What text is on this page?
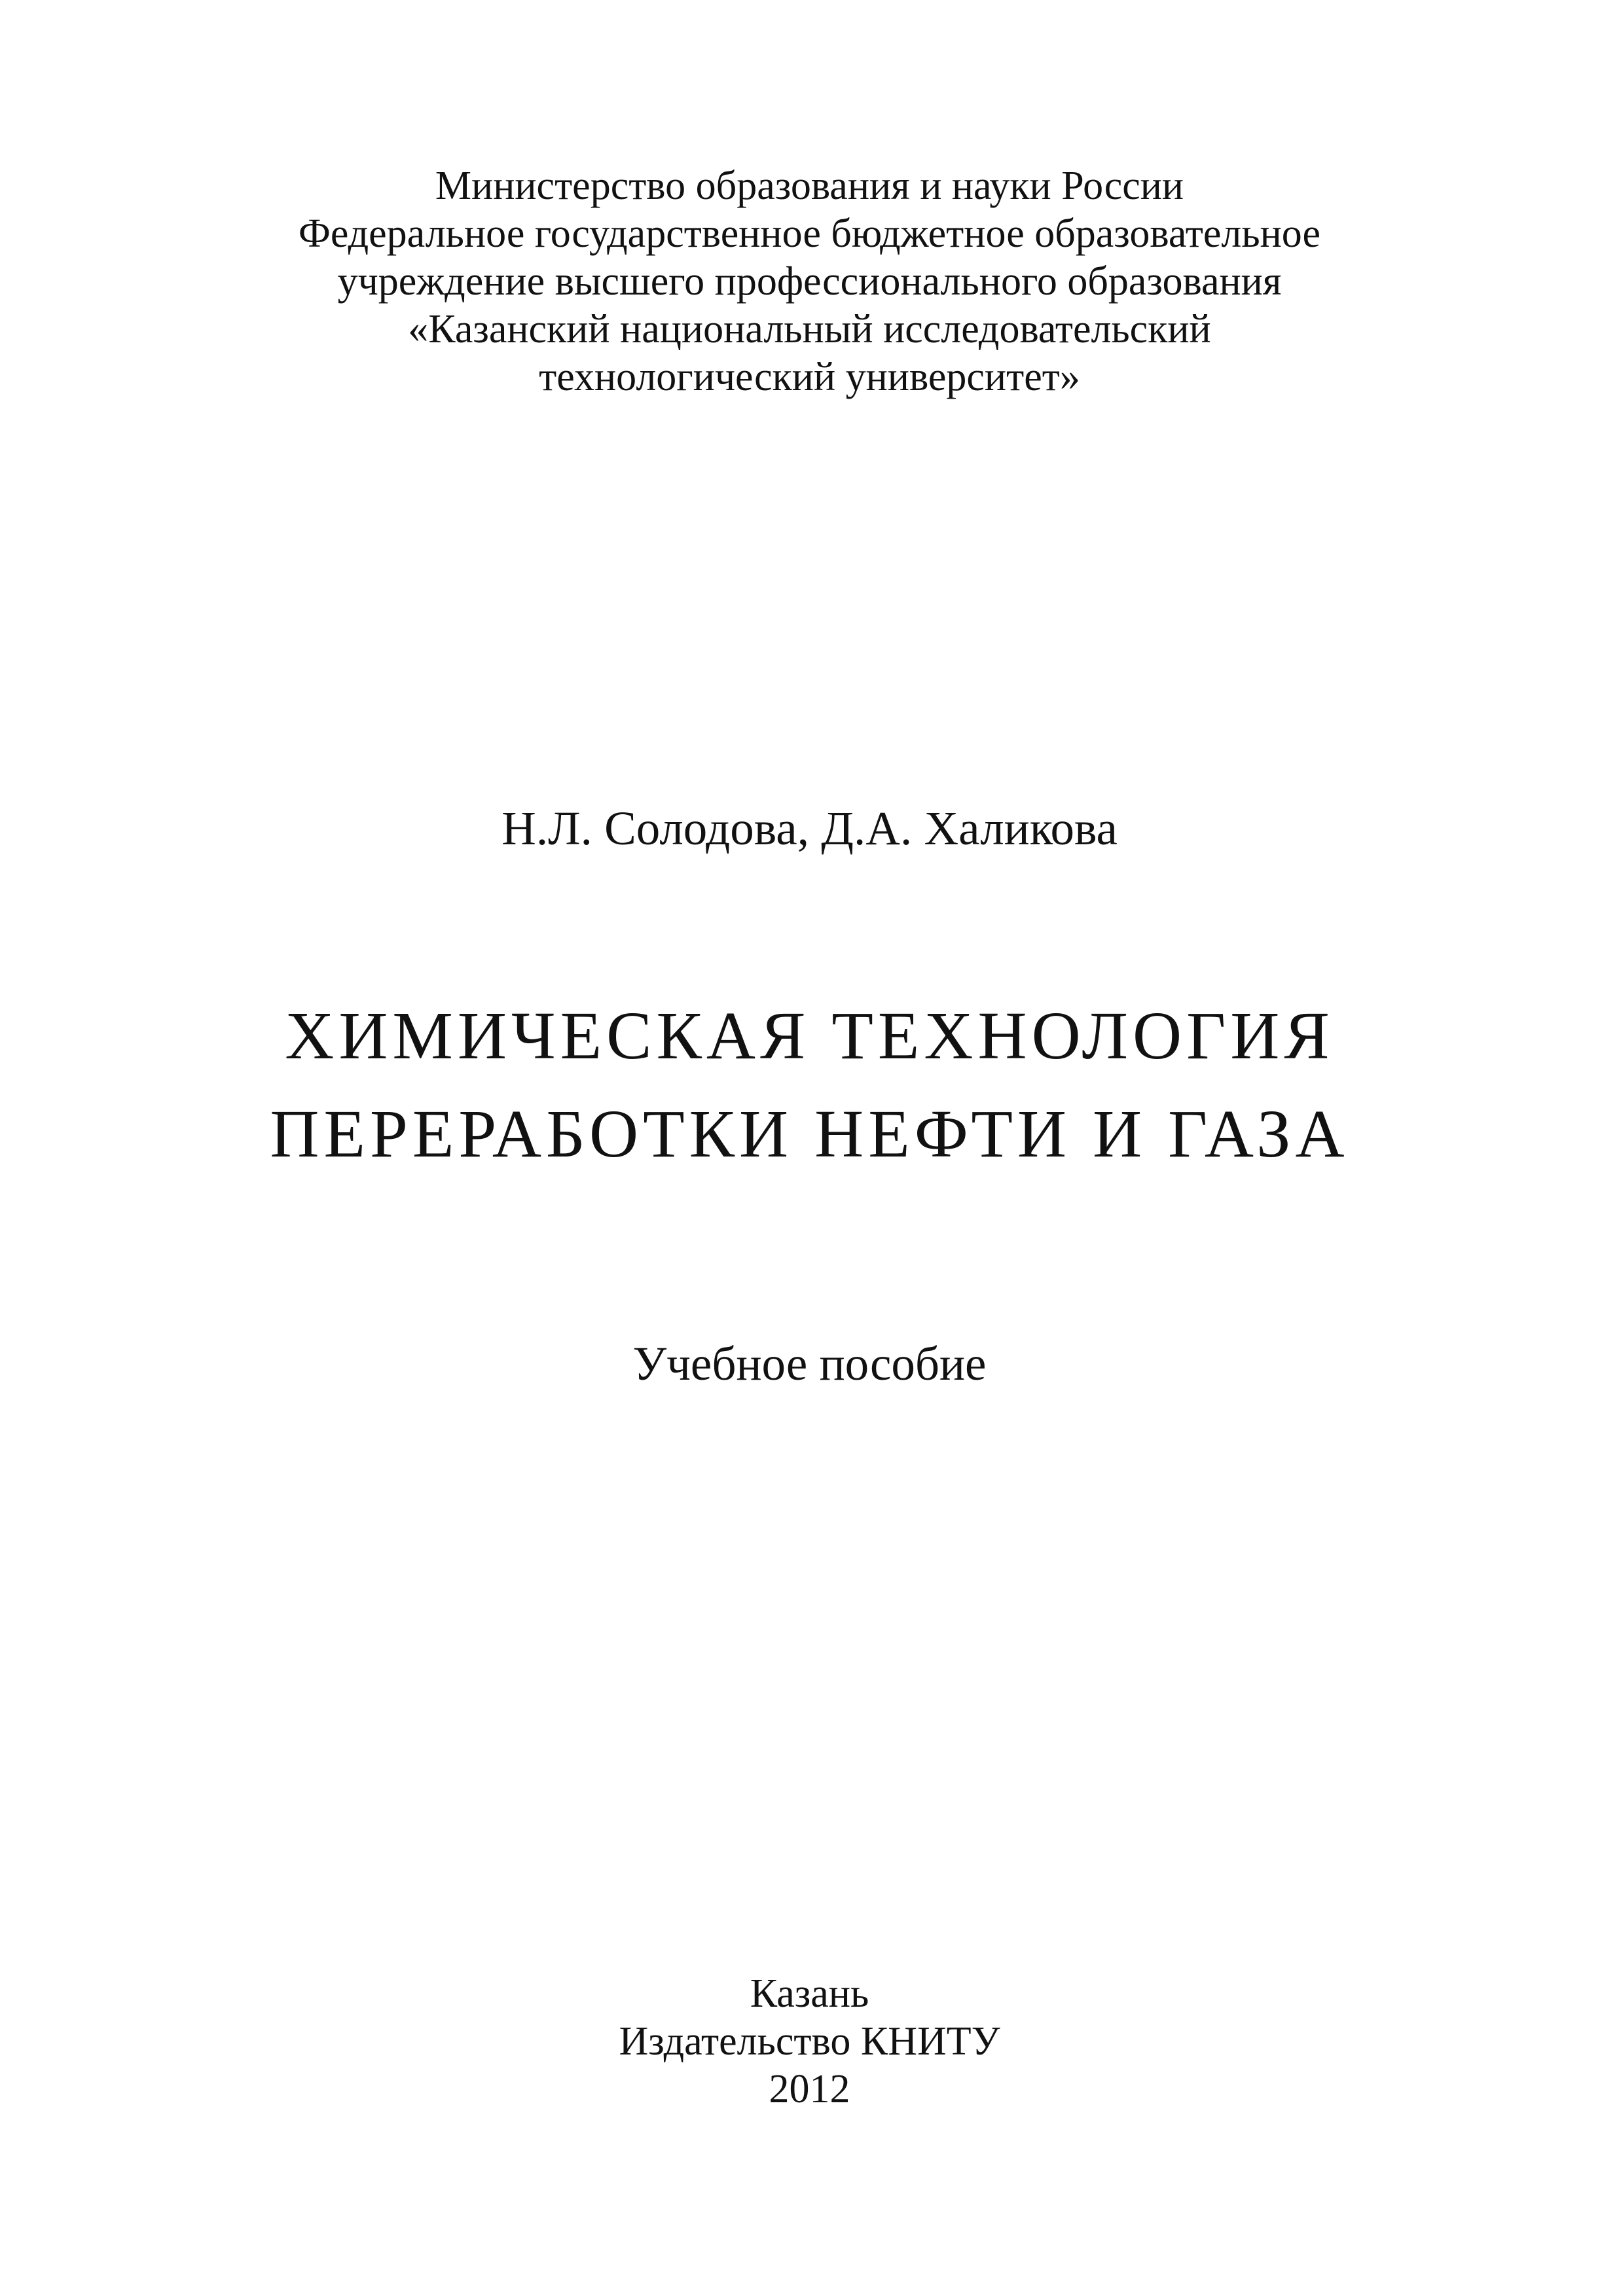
Министерство образования и науки России
Федеральное государственное бюджетное образовательное
учреждение высшего профессионального образования
«Казанский национальный исследовательский
технологический университет»
Н.Л. Солодова, Д.А. Халикова
ХИМИЧЕСКАЯ ТЕХНОЛОГИЯ
ПЕРЕРАБОТКИ НЕФТИ И ГАЗА
Учебное пособие
Казань
Издательство КНИТУ
2012
